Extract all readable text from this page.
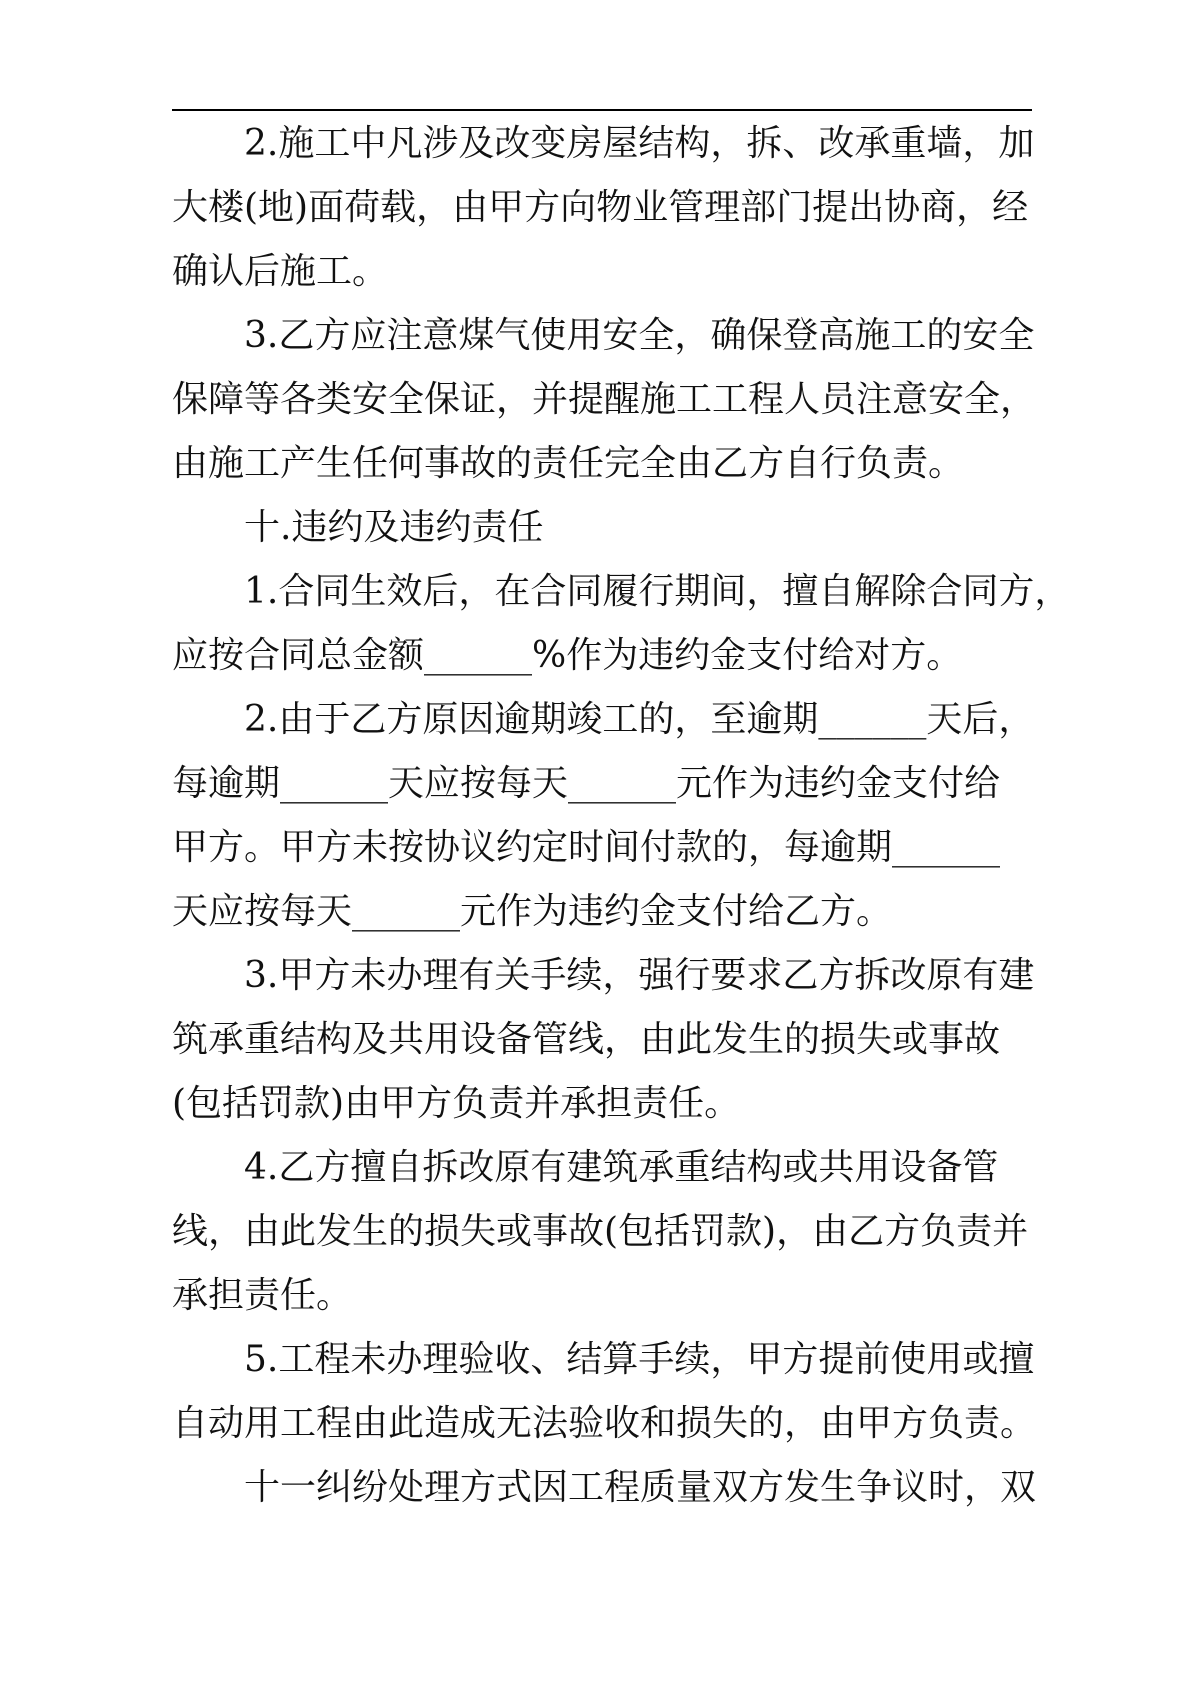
2.施工中凡涉及改变房屋结构，拆、改承重墙，加
大楼(地)面荷载，由甲方向物业管理部门提出协商，经
确认后施工。
3.乙方应注意煤气使用安全，确保登高施工的安全
保障等各类安全保证，并提醒施工工程人员注意安全，
由施工产生任何事故的责任完全由乙方自行负责。
十.违约及违约责任
1.合同生效后，在合同履行期间，擅自解除合同方，
应按合同总金额______%作为违约金支付给对方。
2.由于乙方原因逾期竣工的，至逾期______天后，
每逾期______天应按每天______元作为违约金支付给
甲方。甲方未按协议约定时间付款的，每逾期______
天应按每天______元作为违约金支付给乙方。
3.甲方未办理有关手续，强行要求乙方拆改原有建
筑承重结构及共用设备管线，由此发生的损失或事故
(包括罚款)由甲方负责并承担责任。
4.乙方擅自拆改原有建筑承重结构或共用设备管
线，由此发生的损失或事故(包括罚款)，由乙方负责并
承担责任。
5.工程未办理验收、结算手续，甲方提前使用或擅
自动用工程由此造成无法验收和损失的，由甲方负责。
十一纠纷处理方式因工程质量双方发生争议时，双
